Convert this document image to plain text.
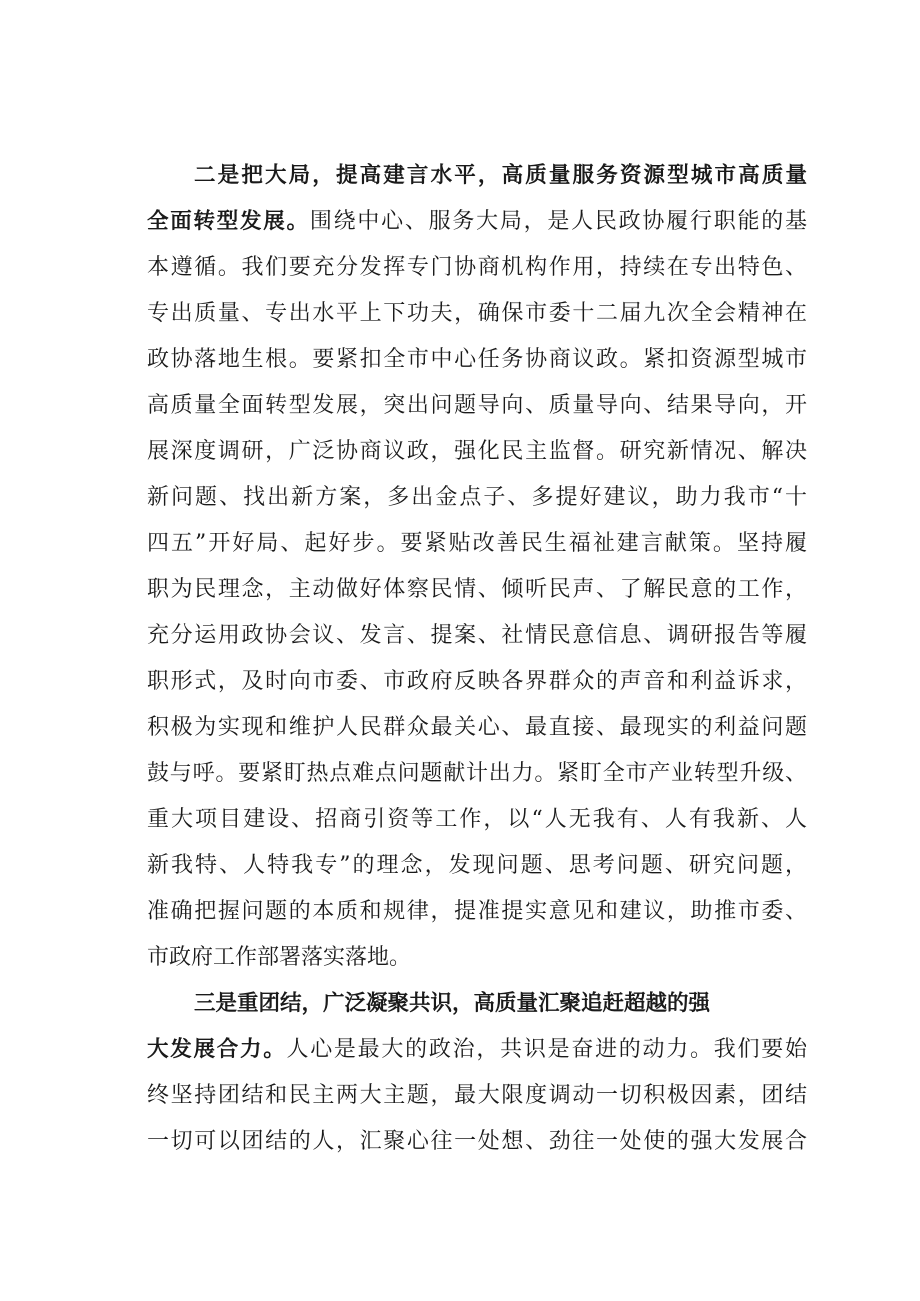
二是把大局，提高建言水平，高质量服务资源型城市高质量
全面转型发展。围绕中心、服务大局，是人民政协履行职能的基
本遵循。我们要充分发挥专门协商机构作用，持续在专出特色、
专出质量、专出水平上下功夫，确保市委十二届九次全会精神在
政协落地生根。要紧扣全市中心任务协商议政。紧扣资源型城市
高质量全面转型发展，突出问题导向、质量导向、结果导向，开
展深度调研，广泛协商议政，强化民主监督。研究新情况、解决
新问题、找出新方案，多出金点子、多提好建议，助力我市“十
四五”开好局、起好步。要紧贴改善民生福祉建言献策。坚持履
职为民理念，主动做好体察民情、倾听民声、了解民意的工作，
充分运用政协会议、发言、提案、社情民意信息、调研报告等履
职形式，及时向市委、市政府反映各界群众的声音和利益诉求，
积极为实现和维护人民群众最关心、最直接、最现实的利益问题
鼓与呼。要紧盯热点难点问题献计出力。紧盯全市产业转型升级、
重大项目建设、招商引资等工作，以“人无我有、人有我新、人
新我特、人特我专”的理念，发现问题、思考问题、研究问题，
准确把握问题的本质和规律，提准提实意见和建议，助推市委、
市政府工作部署落实落地。
三是重团结，广泛凝聚共识，高质量汇聚追赶超越的强
大发展合力。人心是最大的政治，共识是奋进的动力。我们要始
终坚持团结和民主两大主题，最大限度调动一切积极因素，团结
一切可以团结的人，汇聚心往一处想、劲往一处使的强大发展合
